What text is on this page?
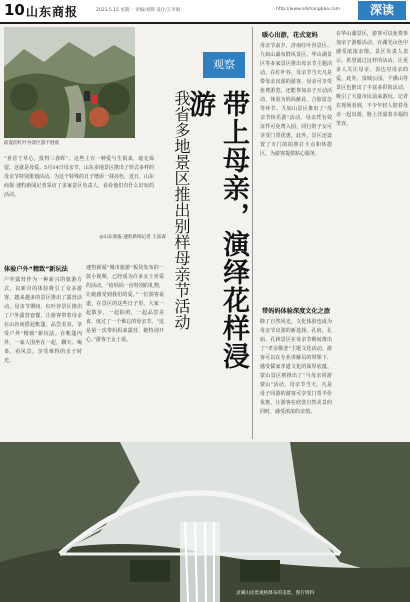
10 山东商报	2023.5.15 星期一 责编/刘静 设计/王李娟	http://www.sdshangbao.com	深读
前夏的红叶谷景区游不胜收
“喜首寸草心，报得三春晖”。这些上有一种爱与生俱来，毫无保留，这就是母爱。5月14日母亲节，山东多地景区推出了形式多样的母亲节特别策划活动，为这个特殊的日子增添一抹亮色。近日，山东商报·速豹新闻记者采访了多家景区负责人，看看他们有什么好玩的活动。
◎山东商报·速豹新闻记者 王富森
体验户外“精致”新玩法
户外露营作为一种新兴的旅游方式，以新奇的体验吸引了众多游客，越来越多的景区推出了露营活动。母亲节期间，红叶谷景区推出了户外露营套餐，让游客带着母亲在山谷间搭起帐篷，品尝美食，享受户外“精致”新玩法。在帐篷内外，一家人围坐在一起，聊天、喝茶、看风景，享受难得的亲子时光。
速豹新闻“城市旅游”板块发布的一款小视频，已经成为许多女士喜爱的活动。“给妈妈一份特别的礼物，让她感受到我们的爱。”一位游客说道，在景区的这些日子里，大家一起散步，一起拍照，一起品尝美食，度过了一个难忘的母亲节。“这是第一次带妈妈来露营，她特别开心。”游客王女士说。
观察
带上母亲，演绎花样浸游
我省多地景区推出别样母亲节活动
暖心出游，花式宠妈
母亲节前夕，济南红叶谷景区、九如山瀑布群风景区、华山湖景区等多家景区推出母亲节主题活动。在红叶谷，母亲节当天凡是带母亲出游的游客，母亲可享受免费游览，还能参加亲子互动活动，体验为妈妈献花、合影留念等环节。九如山景区推出了“母亲节快乐游”活动，母亲凭有效证件可免费入园，同行的子女可享受门票优惠。此外，景区还设置了专门的拍照打卡点和休憩区，为游客提供贴心服务。
在华山湖景区，游客可以免费参加亲子游船活动，在湖光山色中感受浓浓亲情。景区负责人表示，希望通过这样的活动，让更多人关注母亲，表达对母亲的爱。此外，泉城公园、千佛山等景区也推出了丰富多彩的活动，吸引了大量市民前来游玩。记者在现场看到，不少年轻人陪着母亲一起出游，脸上洋溢着幸福的笑容。
带妈妈体验深度文化之旅
除了自然风光，文化体验也成为母亲节出游的新选择。孔府、孔庙、孔林景区在母亲节期间推出了“孝亲敬老”主题文化活动，游客可以在专业讲解员的带领下，感受儒家孝道文化的深厚底蕴。蒙山景区则推出了“与母亲同游蒙山”活动，母亲节当天，凡是母子同游的游客可享受门票半价优惠，让游客在欣赏自然美景的同时，感受浓浓的亲情。
灵溪山房景观桥瀑布的美景，图片资料
